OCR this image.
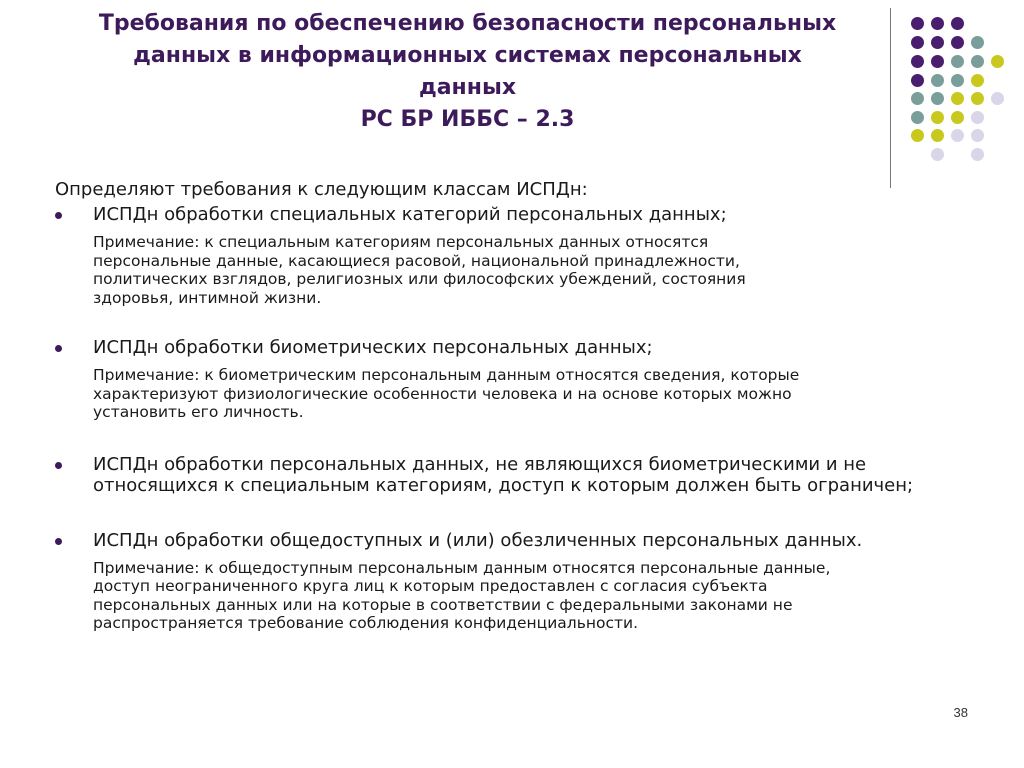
Требования по обеспечению безопасности персональных
данных в информационных системах персональных
данных
РС БР ИББС – 2.3

Определяют требования к следующим классам ИСПДн:

ИСПДн обработки специальных категорий персональных данных;
Примечание: к специальным категориям персональных данных относятся
персональные данные, касающиеся расовой, национальной принадлежности,
политических взглядов, религиозных или философских убеждений, состояния
здоровья, интимной жизни.
ИСПДн обработки биометрических персональных данных;
Примечание: к биометрическим персональным данным относятся сведения, которые
характеризуют физиологические особенности человека и на основе которых можно
установить его личность.
ИСПДн обработки персональных данных, не являющихся биометрическими и не относящихся к специальным категориям, доступ к которым должен быть ограничен;
ИСПДн обработки общедоступных и (или) обезличенных персональных данных.
Примечание: к общедоступным персональным данным относятся персональные данные,
доступ неограниченного круга лиц к которым предоставлен с согласия субъекта
персональных данных или на которые в соответствии с федеральными законами не
распространяется требование соблюдения конфиденциальности.
38
